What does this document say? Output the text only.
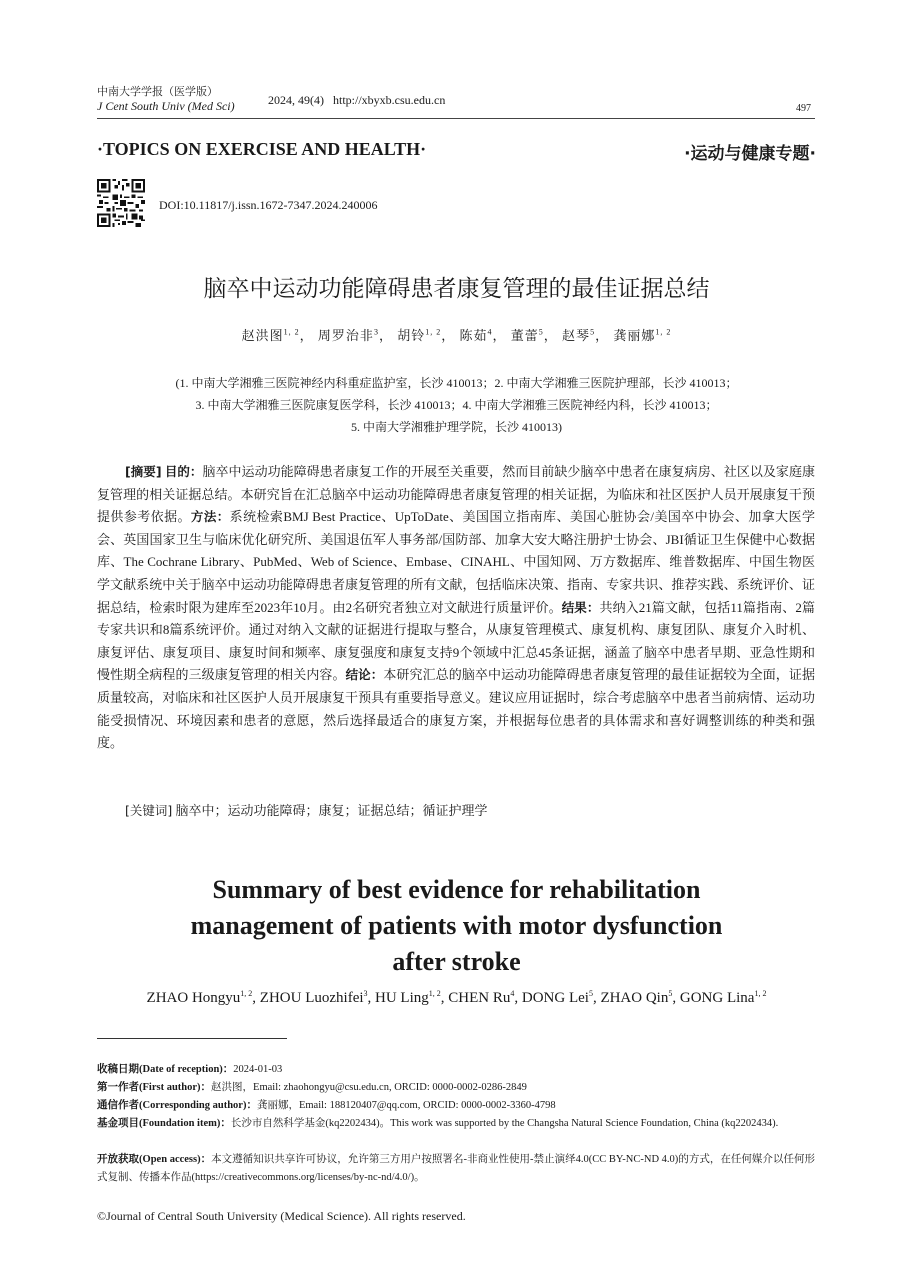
中南大学学报（医学版）
J Cent South Univ (Med Sci)	2024, 49(4) http://xbyxb.csu.edu.cn
497
·TOPICS ON EXERCISE AND HEALTH·	·运动与健康专题·
DOI:10.11817/j.issn.1672-7347.2024.240006
脑卒中运动功能障碍患者康复管理的最佳证据总结
赵洪图$^{1, 2}$， 周罗治非$^3$， 胡铃$^{1, 2}$， 陈茹$^4$， 董蕾$^5$， 赵琴$^5$， 龚丽娜$^{1, 2}$
(1. 中南大学湘雅三医院神经内科重症监护室，长沙 410013；2. 中南大学湘雅三医院护理部，长沙 410013；
3. 中南大学湘雅三医院康复医学科，长沙 410013；4. 中南大学湘雅三医院神经内科，长沙 410013；
5. 中南大学湘雅护理学院，长沙 410013)
[摘要] 目的：脑卒中运动功能障碍患者康复工作的开展至关重要，然而目前缺少脑卒中患者在康复病房、社区以及家庭康复管理的相关证据总结。本研究旨在汇总脑卒中运动功能障碍患者康复管理的相关证据，为临床和社区医护人员开展康复干预提供参考依据。方法：系统检索BMJ Best Practice、UpToDate、美国国立指南库、美国心脏协会/美国卒中协会、加拿大医学会、英国国家卫生与临床优化研究所、美国退伍军人事务部/国防部、加拿大安大略注册护士协会、JBI循证卫生保健中心数据库、The Cochrane Library、PubMed、Web of Science、Embase、CINAHL、中国知网、万方数据库、维普数据库、中国生物医学文献系统中关于脑卒中运动功能障碍患者康复管理的所有文献，包括临床决策、指南、专家共识、推荐实践、系统评价、证据总结，检索时限为建库至2023年10月。由2名研究者独立对文献进行质量评价。结果：共纳入21篇文献，包括11篇指南、2篇专家共识和8篇系统评价。通过对纳入文献的证据进行提取与整合，从康复管理模式、康复机构、康复团队、康复介入时机、康复评估、康复项目、康复时间和频率、康复强度和康复支持9个领域中汇总45条证据，涵盖了脑卒中患者早期、亚急性期和慢性期全病程的三级康复管理的相关内容。结论：本研究汇总的脑卒中运动功能障碍患者康复管理的最佳证据较为全面，证据质量较高，对临床和社区医护人员开展康复干预具有重要指导意义。建议应用证据时，综合考虑脑卒中患者当前病情、运动功能受损情况、环境因素和患者的意愿，然后选择最适合的康复方案，并根据每位患者的具体需求和喜好调整训练的种类和强度。
[关键词] 脑卒中；运动功能障碍；康复；证据总结；循证护理学
Summary of best evidence for rehabilitation
management of patients with motor dysfunction
after stroke
ZHAO Hongyu$^{1, 2}$, ZHOU Luozhifei$^3$, HU Ling$^{1, 2}$, CHEN Ru$^4$, DONG Lei$^5$, ZHAO Qin$^5$, GONG Lina$^{1, 2}$
收稿日期(Date of reception)：2024-01-03
第一作者(First author)：赵洪图，Email: zhaohongyu@csu.edu.cn, ORCID: 0000-0002-0286-2849
通信作者(Corresponding author)：龚丽娜，Email: 188120407@qq.com, ORCID: 0000-0002-3360-4798
基金项目(Foundation item)：长沙市自然科学基金(kq2202434)。This work was supported by the Changsha Natural Science Foundation, China (kq2202434).
开放获取(Open access)：本文遵循知识共享许可协议，允许第三方用户按照署名-非商业性使用-禁止演绎4.0(CC BY-NC-ND 4.0)的方式，在任何媒介以任何形式复制、传播本作品(https://creativecommons.org/licenses/by-nc-nd/4.0/)。
©Journal of Central South University (Medical Science). All rights reserved.
